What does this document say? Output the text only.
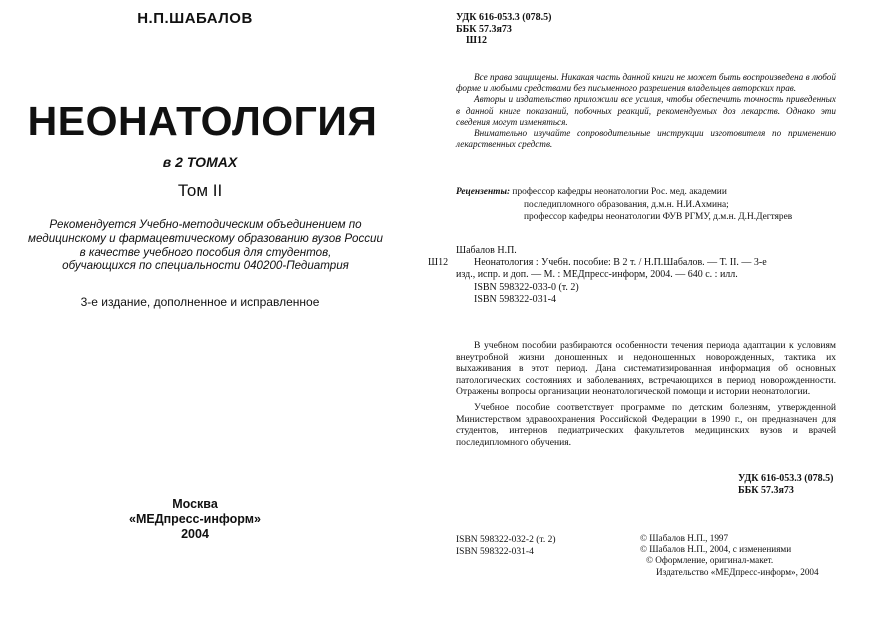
Н.П.ШАБАЛОВ
НЕОНАТОЛОГИЯ
в 2 ТОМАХ
Том II
Рекомендуется Учебно-методическим объединением по
медицинскому и фармацевтическому образованию вузов России
в качестве учебного пособия для студентов,
обучающихся по специальности 040200-Педиатрия
3-е издание, дополненное и исправленное
Москва
«МЕДпресс-информ»
2004
УДК 616-053.3 (078.5)
ББК 57.3я73
Ш12

Все права защищены. Никакая часть данной книги не может быть воспроизведена в любой форме и любыми средствами без письменного разрешения владельцев авторских прав.

Авторы и издательство приложили все усилия, чтобы обеспечить точность приведенных в данной книге показаний, побочных реакций, рекомендуемых доз лекарств. Однако эти сведения могут изменяться.

Внимательно изучайте сопроводительные инструкции изготовителя по применению лекарственных средств.

Рецензенты: профессор кафедры неонатологии Рос. мед. академии
последипломного образования, д.м.н. Н.И.Ахмина;
профессор кафедры неонатологии ФУВ РГМУ, д.м.н. Д.Н.Дегтярев
Шабалов Н.П.
Ш12	Неонатология : Учебн. пособие: В 2 т. / Н.П.Шабалов. — Т. II. — 3-е
изд., испр. и доп. — М. : МЕДпресс-информ, 2004. — 640 с. : илл.
ISBN 598322-033-0 (т. 2)
ISBN 598322-031-4

В учебном пособии разбираются особенности течения периода адаптации к условиям внеутробной жизни доношенных и недоношенных новорожденных, тактика их выхаживания в этот период. Дана систематизированная информация об основных патологических состояниях и заболеваниях, встречающихся в период новорожденности. Отражены вопросы организации неонатологической помощи и истории неонатологии.

Учебное пособие соответствует программе по детским болезням, утвержденной Министерством здравоохранения Российской Федерации в 1990 г., он предназначен для студентов, интернов педиатрических факультетов медицинских вузов и врачей последипломного обучения.

УДК 616-053.3 (078.5)
ББК 57.3я73
ISBN 598322-032-2 (т. 2)
ISBN 598322-031-4
© Шабалов Н.П., 1997
© Шабалов Н.П., 2004, с изменениями
© Оформление, оригинал-макет.
Издательство «МЕДпресс-информ», 2004
